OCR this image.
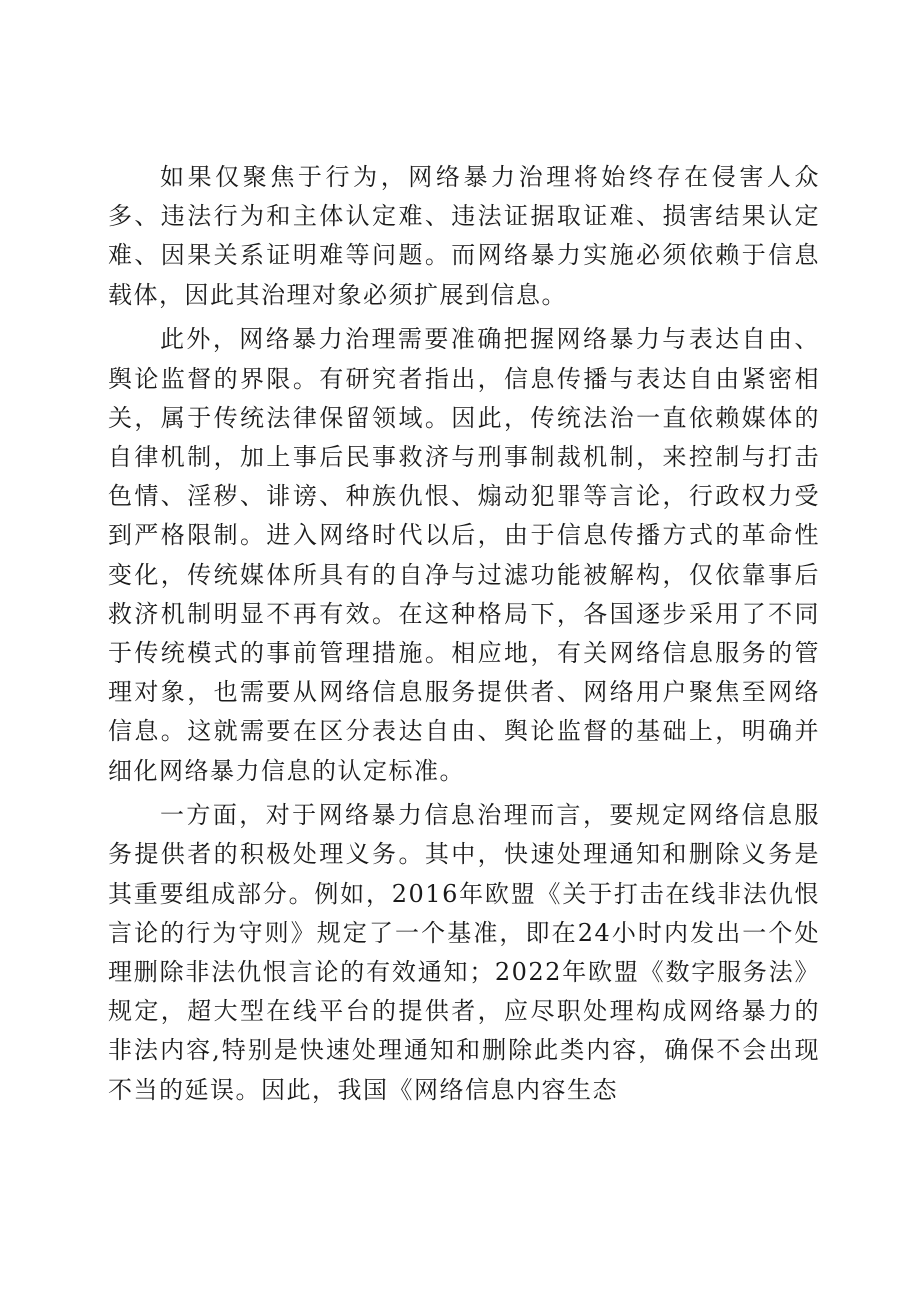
如果仅聚焦于行为，网络暴力治理将始终存在侵害人众多、违法行为和主体认定难、违法证据取证难、损害结果认定难、因果关系证明难等问题。而网络暴力实施必须依赖于信息载体，因此其治理对象必须扩展到信息。

此外，网络暴力治理需要准确把握网络暴力与表达自由、舆论监督的界限。有研究者指出，信息传播与表达自由紧密相关，属于传统法律保留领域。因此，传统法治一直依赖媒体的自律机制，加上事后民事救济与刑事制裁机制，来控制与打击色情、淫秽、诽谤、种族仇恨、煽动犯罪等言论，行政权力受到严格限制。进入网络时代以后，由于信息传播方式的革命性变化，传统媒体所具有的自净与过滤功能被解构，仅依靠事后救济机制明显不再有效。在这种格局下，各国逐步采用了不同于传统模式的事前管理措施。相应地，有关网络信息服务的管理对象，也需要从网络信息服务提供者、网络用户聚焦至网络信息。这就需要在区分表达自由、舆论监督的基础上，明确并细化网络暴力信息的认定标准。

一方面，对于网络暴力信息治理而言，要规定网络信息服务提供者的积极处理义务。其中，快速处理通知和删除义务是其重要组成部分。例如，2016年欧盟《关于打击在线非法仇恨言论的行为守则》规定了一个基准，即在24小时内发出一个处理删除非法仇恨言论的有效通知；2022年欧盟《数字服务法》规定，超大型在线平台的提供者，应尽职处理构成网络暴力的非法内容,特别是快速处理通知和删除此类内容，确保不会出现不当的延误。因此，我国《网络信息内容生态
